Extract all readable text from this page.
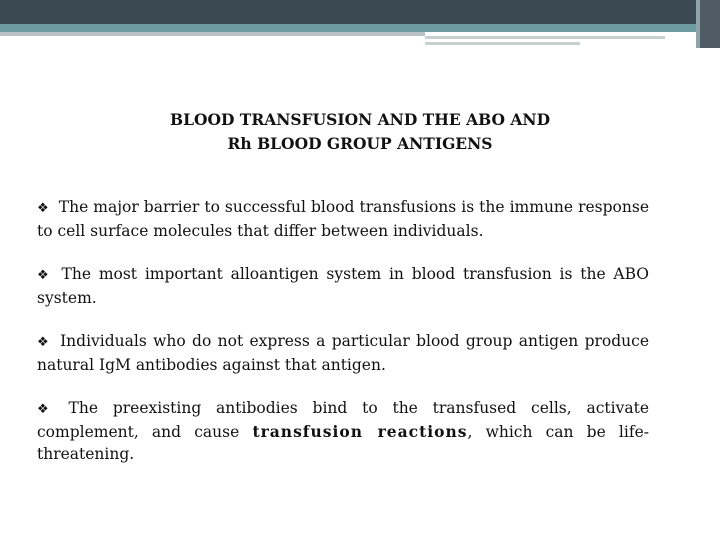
BLOOD TRANSFUSION AND THE ABO AND
Rh BLOOD GROUP ANTIGENS

❖ The major barrier to successful blood transfusions is the immune response to cell surface molecules that differ between individuals.

❖ The most important alloantigen system in blood transfusion is the ABO system.

❖ Individuals who do not express a particular blood group antigen produce natural IgM antibodies against that antigen.

❖ The preexisting antibodies bind to the transfused cells, activate complement, and cause transfusion reactions, which can be life-threatening.
